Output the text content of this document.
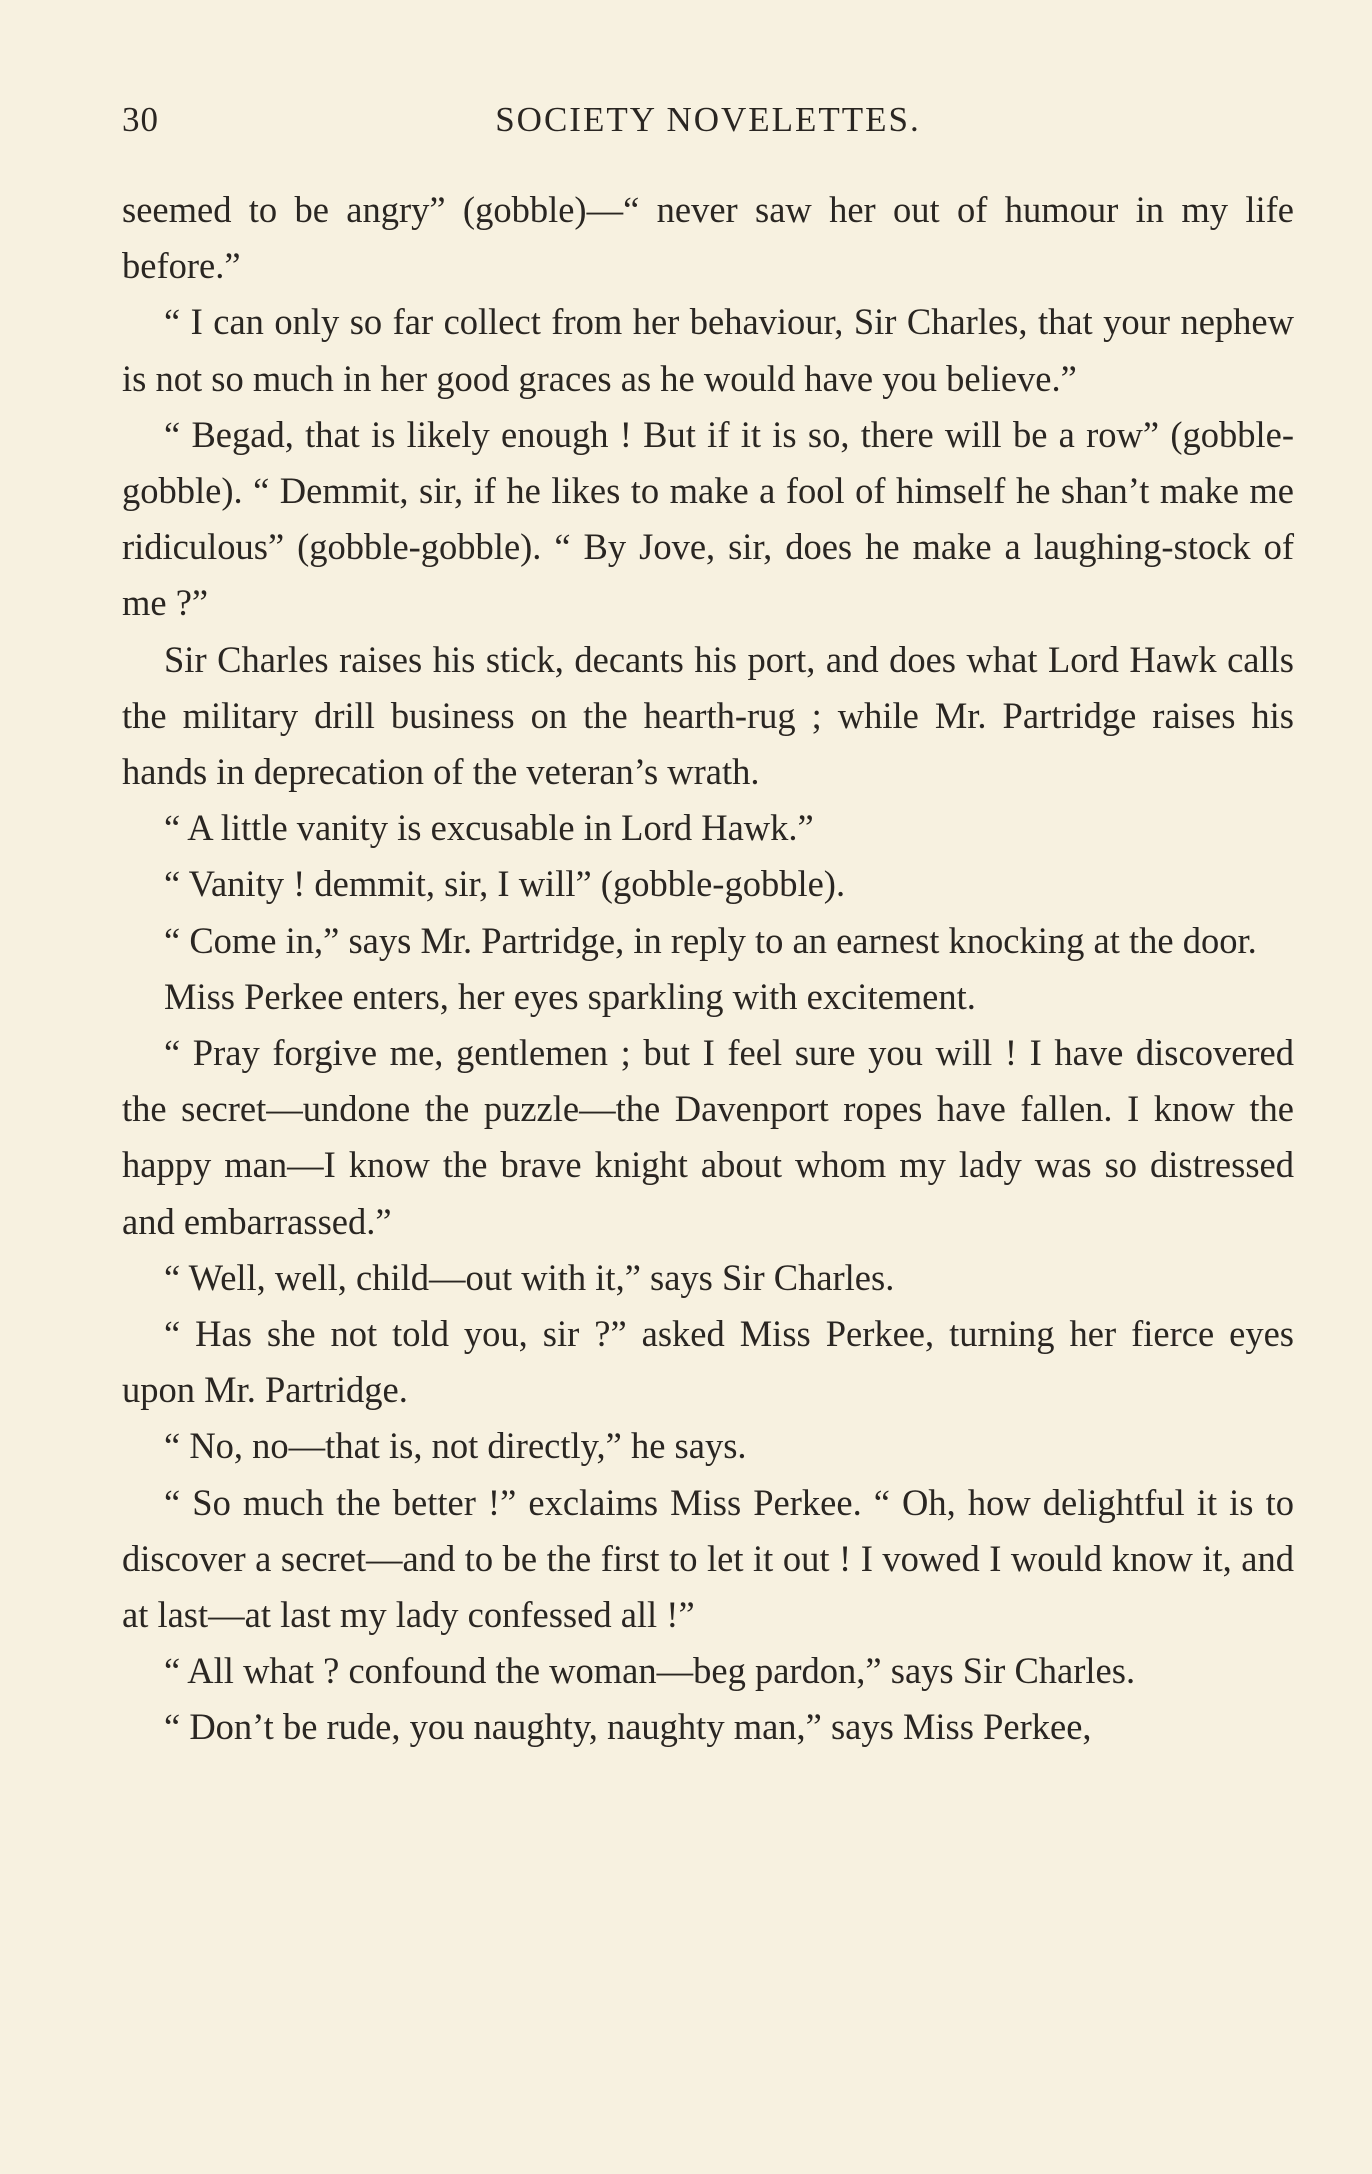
30	SOCIETY NOVELETTES.

seemed to be angry” (gobble)—“ never saw her out of humour in my life before.”

“ I can only so far collect from her behaviour, Sir Charles, that your nephew is not so much in her good graces as he would have you believe.”

“ Begad, that is likely enough ! But if it is so, there will be a row” (gobble-gobble). “ Demmit, sir, if he likes to make a fool of himself he shan’t make me ridiculous” (gobble-gobble). “ By Jove, sir, does he make a laughing-stock of me ?”

Sir Charles raises his stick, decants his port, and does what Lord Hawk calls the military drill business on the hearth-rug ; while Mr. Partridge raises his hands in deprecation of the veteran’s wrath.

“ A little vanity is excusable in Lord Hawk.”

“ Vanity ! demmit, sir, I will” (gobble-gobble).

“ Come in,” says Mr. Partridge, in reply to an earnest knocking at the door.

Miss Perkee enters, her eyes sparkling with excitement.

“ Pray forgive me, gentlemen ; but I feel sure you will ! I have discovered the secret—undone the puzzle—the Davenport ropes have fallen. I know the happy man—I know the brave knight about whom my lady was so distressed and embarrassed.”

“ Well, well, child—out with it,” says Sir Charles.

“ Has she not told you, sir ?” asked Miss Perkee, turning her fierce eyes upon Mr. Partridge.

“ No, no—that is, not directly,” he says.

“ So much the better !” exclaims Miss Perkee. “ Oh, how delightful it is to discover a secret—and to be the first to let it out ! I vowed I would know it, and at last—at last my lady confessed all !”

“ All what ? confound the woman—beg pardon,” says Sir Charles.

“ Don’t be rude, you naughty, naughty man,” says Miss Perkee,
